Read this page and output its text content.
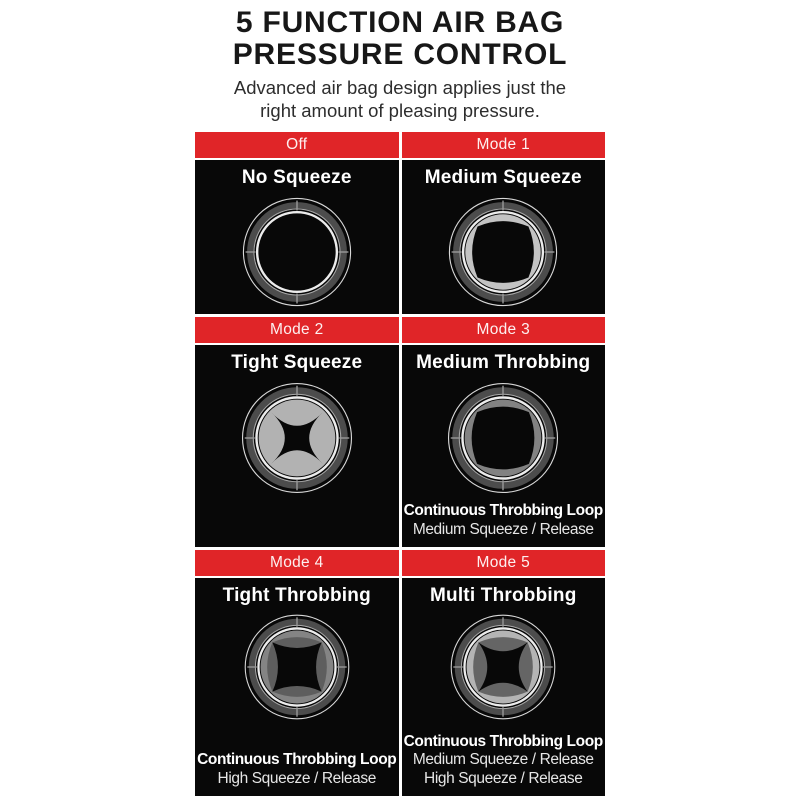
5 FUNCTION AIR BAG
PRESSURE CONTROL

Advanced air bag design applies just the
right amount of pleasing pressure.

Off
No Squeeze
Mode 1
Medium Squeeze
Mode 2
Tight Squeeze
Mode 3
Medium Throbbing
Continuous Throbbing Loop
Medium Squeeze / Release
Mode 4
Tight Throbbing
Continuous Throbbing Loop
High Squeeze / Release
Mode 5
Multi Throbbing
Continuous Throbbing Loop
Medium Squeeze / Release
High Squeeze / Release
